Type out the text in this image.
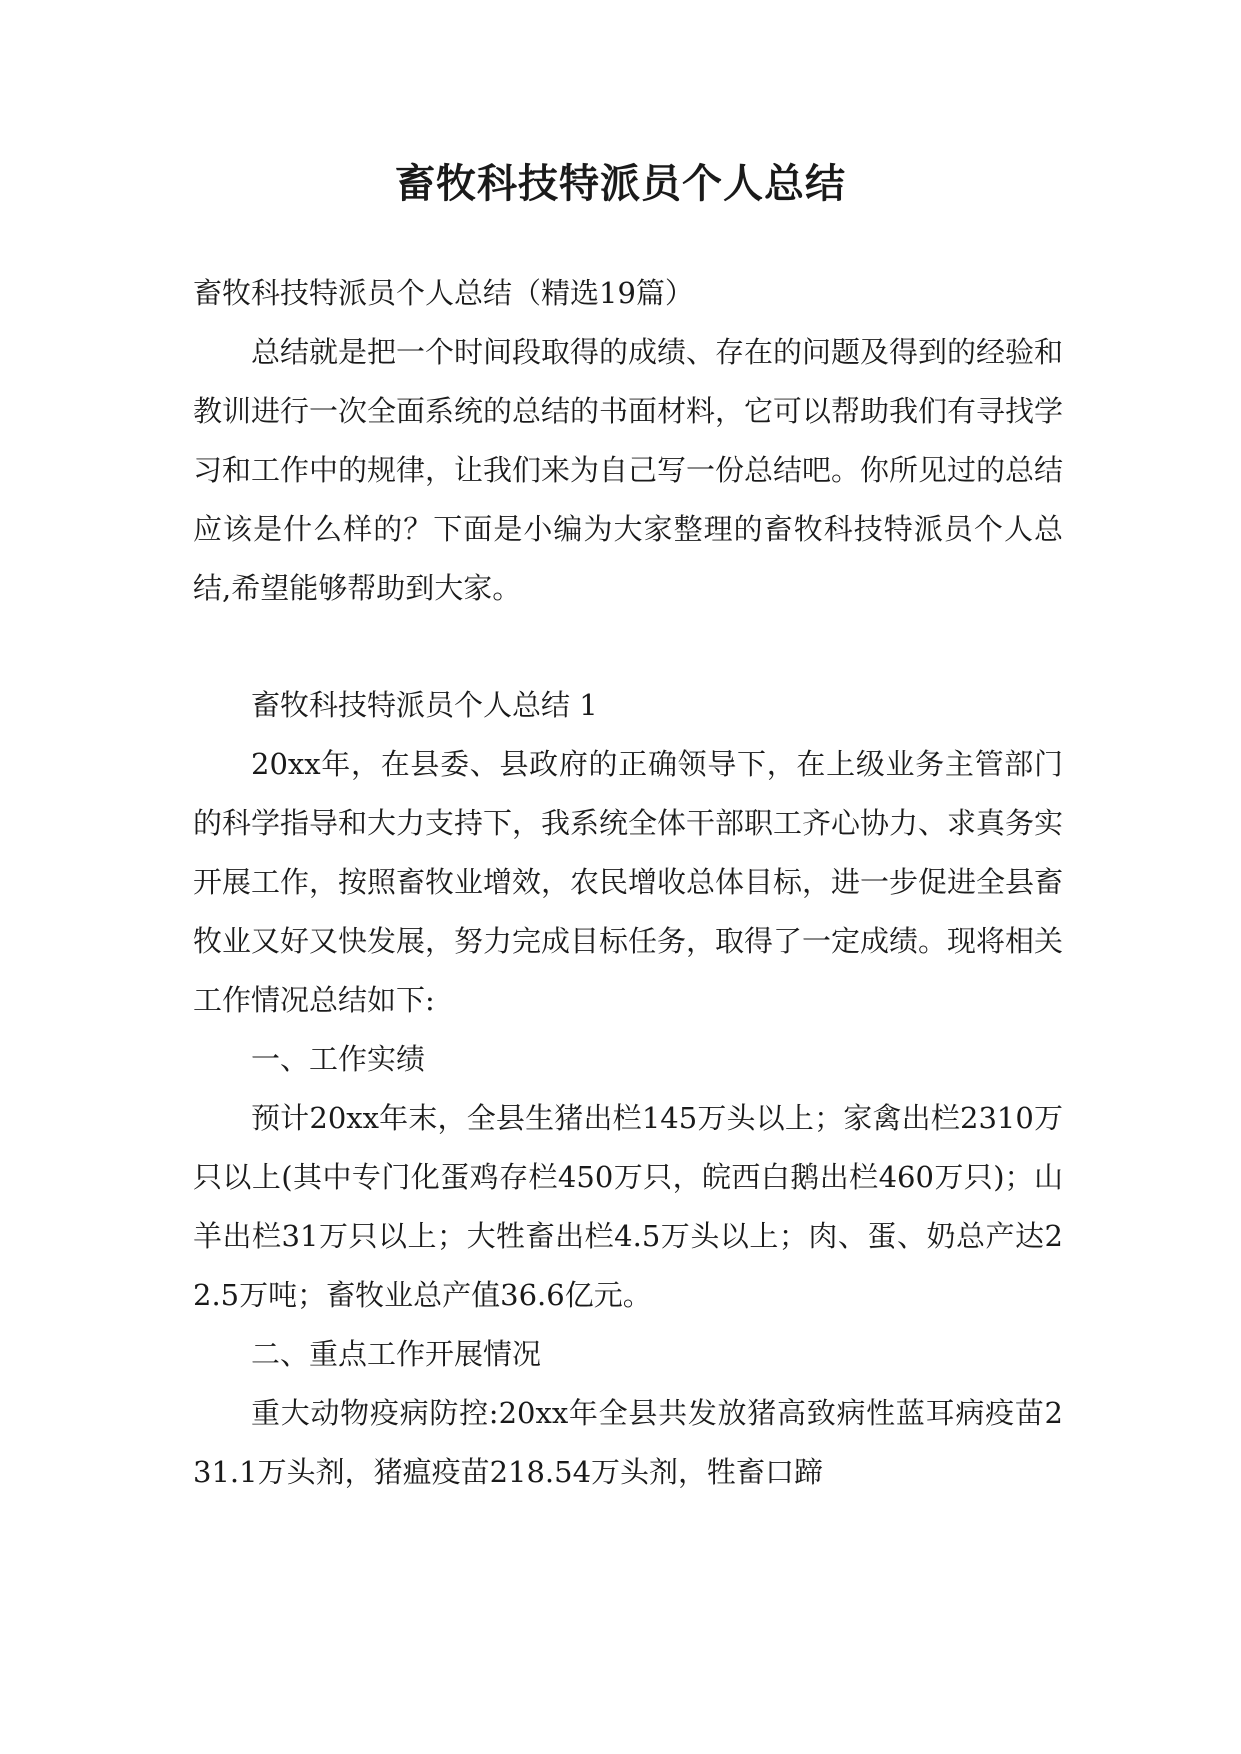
畜牧科技特派员个人总结

畜牧科技特派员个人总结（精选19篇）

总结就是把一个时间段取得的成绩、存在的问题及得到的经验和教训进行一次全面系统的总结的书面材料，它可以帮助我们有寻找学习和工作中的规律，让我们来为自己写一份总结吧。你所见过的总结应该是什么样的？下面是小编为大家整理的畜牧科技特派员个人总结,希望能够帮助到大家。

畜牧科技特派员个人总结 1

20xx年，在县委、县政府的正确领导下，在上级业务主管部门的科学指导和大力支持下，我系统全体干部职工齐心协力、求真务实开展工作，按照畜牧业增效，农民增收总体目标，进一步促进全县畜牧业又好又快发展，努力完成目标任务，取得了一定成绩。现将相关工作情况总结如下:

一、工作实绩

预计20xx年末，全县生猪出栏145万头以上；家禽出栏2310万只以上(其中专门化蛋鸡存栏450万只，皖西白鹅出栏460万只)；山羊出栏31万只以上；大牲畜出栏4.5万头以上；肉、蛋、奶总产达22.5万吨；畜牧业总产值36.6亿元。

二、重点工作开展情况

重大动物疫病防控:20xx年全县共发放猪高致病性蓝耳病疫苗231.1万头剂，猪瘟疫苗218.54万头剂，牲畜口蹄
